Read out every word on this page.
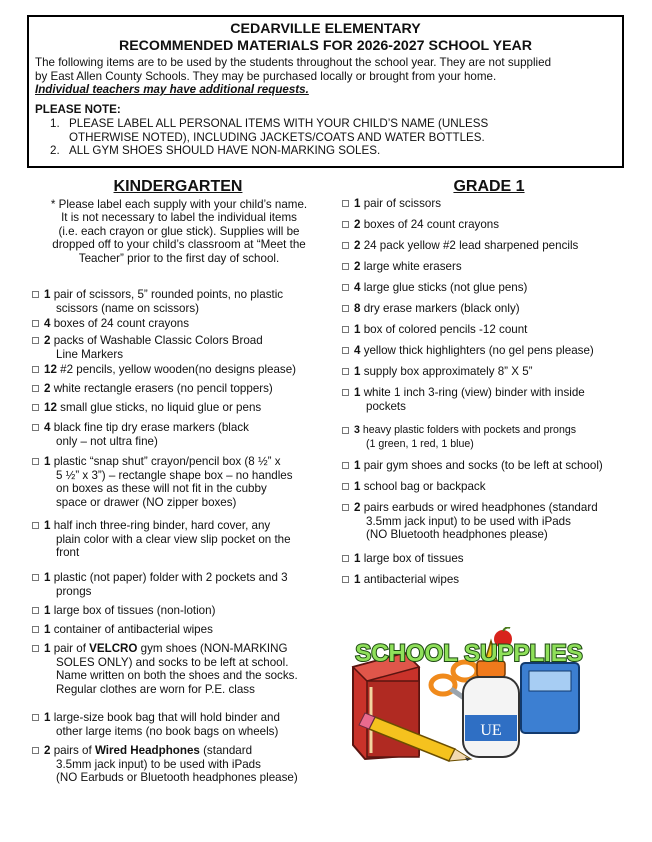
CEDARVILLE ELEMENTARY
RECOMMENDED MATERIALS FOR 2026-2027 SCHOOL YEAR
The following items are to be used by the students throughout the school year. They are not supplied
by East Allen County Schools. They may be purchased locally or brought from your home.
Individual teachers may have additional requests.
PLEASE NOTE:
1. PLEASE LABEL ALL PERSONAL ITEMS WITH YOUR CHILD’S NAME (UNLESS
OTHERWISE NOTED), INCLUDING JACKETS/COATS AND WATER BOTTLES.
2. ALL GYM SHOES SHOULD HAVE NON-MARKING SOLES.
KINDERGARTEN
* Please label each supply with your child’s name.
It is not necessary to label the individual items
(i.e. each crayon or glue stick). Supplies will be
dropped off to your child’s classroom at “Meet the
Teacher” prior to the first day of school.
1 pair of scissors, 5” rounded points, no plastic
scissors (name on scissors)
4 boxes of 24 count crayons
2 packs of Washable Classic Colors Broad
Line Markers
12 #2 pencils, yellow wooden(no designs please)
2 white rectangle erasers (no pencil toppers)
12 small glue sticks, no liquid glue or pens
4 black fine tip dry erase markers (black
only – not ultra fine)
1 plastic “snap shut” crayon/pencil box (8 ½” x
5 ½” x 3”) – rectangle shape box – no handles
on boxes as these will not fit in the cubby
space or drawer (NO zipper boxes)
1 half inch three-ring binder, hard cover, any
plain color with a clear view slip pocket on the
front
1 plastic (not paper) folder with 2 pockets and 3
prongs
1 large box of tissues (non-lotion)
1 container of antibacterial wipes
1 pair of VELCRO gym shoes (NON-MARKING
SOLES ONLY) and socks to be left at school.
Name written on both the shoes and the socks.
Regular clothes are worn for P.E. class
1 large-size book bag that will hold binder and
other large items (no book bags on wheels)
2 pairs of Wired Headphones (standard
3.5mm jack input) to be used with iPads
(NO Earbuds or Bluetooth headphones please)
GRADE 1
1 pair of scissors
2 boxes of 24 count crayons
2 24 pack yellow #2 lead sharpened pencils
2 large white erasers
4 large glue sticks (not glue pens)
8 dry erase markers (black only)
1 box of colored pencils -12 count
4 yellow thick highlighters (no gel pens please)
1 supply box approximately 8” X 5”
1 white 1 inch 3-ring (view) binder with inside
pockets
3 heavy plastic folders with pockets and prongs
(1 green, 1 red, 1 blue)
1 pair gym shoes and socks (to be left at school)
1 school bag or backpack
2 pairs earbuds or wired headphones (standard
3.5mm jack input) to be used with iPads
(NO Bluetooth headphones please)
1 large box of tissues
1 antibacterial wipes
UE
SCHOOL SUPPLIES
